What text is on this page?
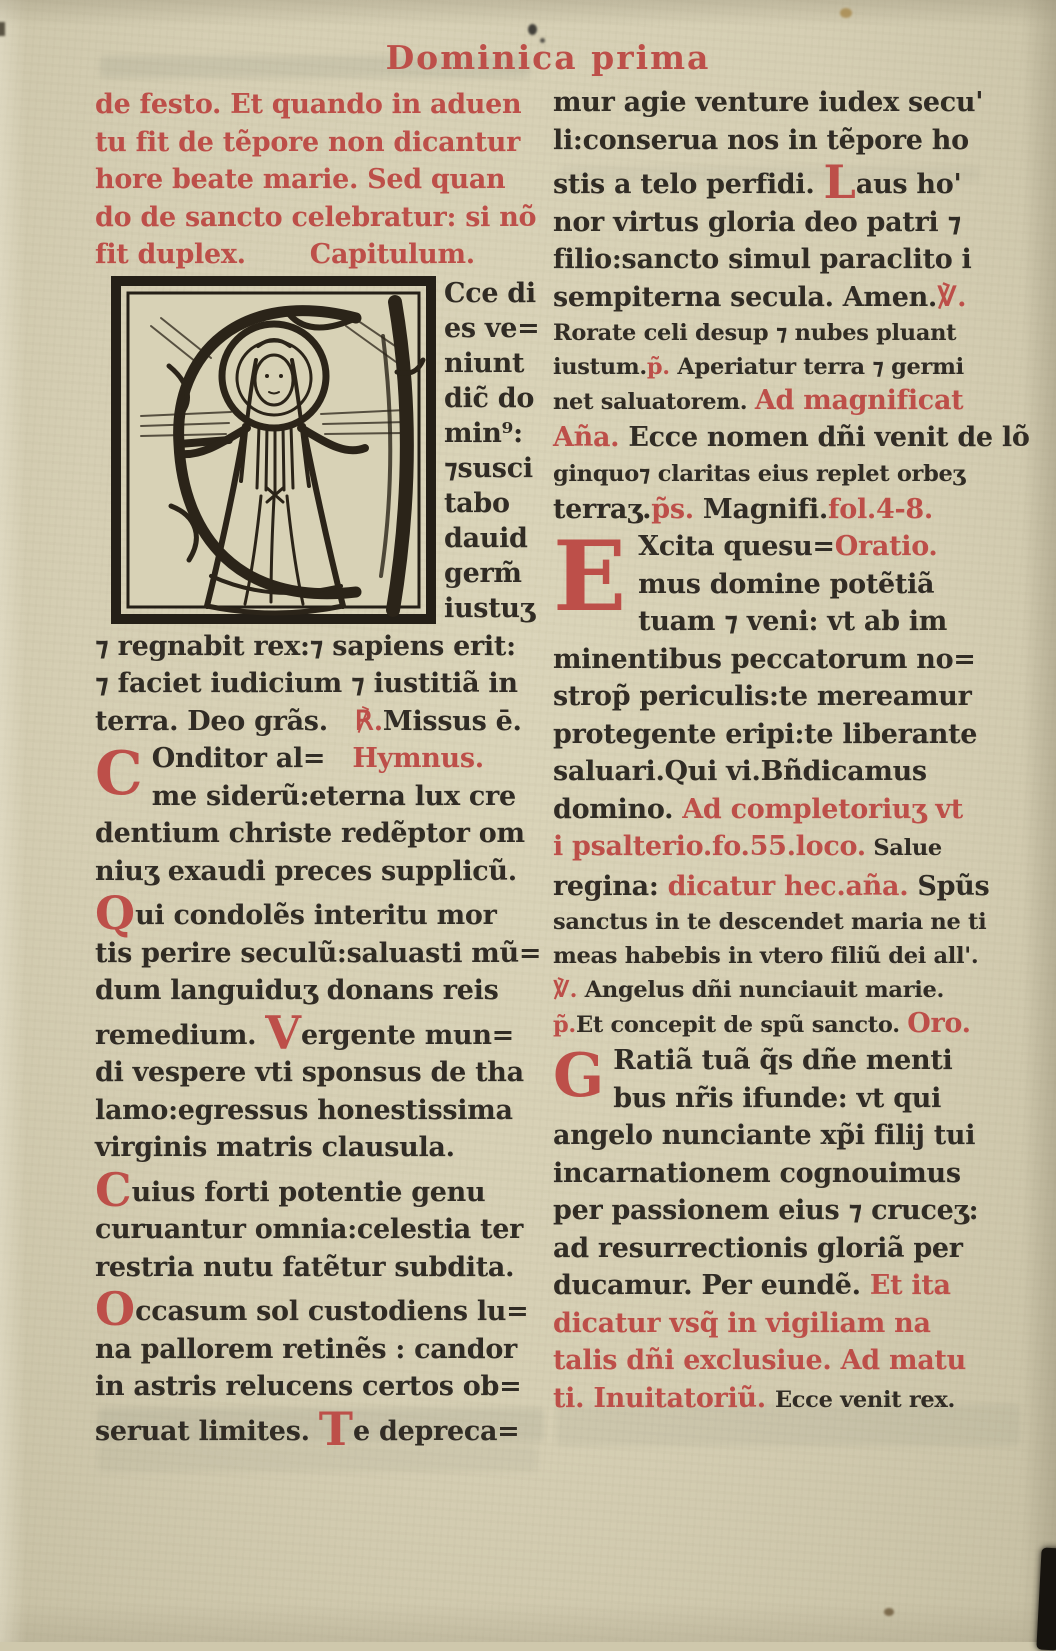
Dominica prima
de festo. Et quando in aduen
tu fit de tẽpore non dicantur
hore beate marie. Sed quan
do de sancto celebratur: si nõ
fit duplex. Capitulum.
Cce di
es ve=
niunt
dic̃ do
min⁹:
⁊susci
tabo
dauid
germ̃
iustuʒ
⁊ regnabit rex:⁊ sapiens erit:
⁊ faciet iudicium ⁊ iustitiã in
terra. Deo grãs. ℟.Missus ē.
C Onditor al= Hymnus.
me siderũ:eterna lux cre
dentium christe redẽptor om
niuʒ exaudi preces supplicũ.
Qui condolẽs interitu mor
tis perire seculũ:saluasti mũ=
dum languiduʒ donans reis
remedium. Vergente mun=
di vespere vti sponsus de tha
lamo:egressus honestissima
virginis matris clausula.
Cuius forti potentie genu
curuantur omnia:celestia ter
restria nutu fatẽtur subdita.
Occasum sol custodiens lu=
na pallorem retinẽs : candor
in astris relucens certos ob=
seruat limites. Te depreca=
mur agie venture iudex secu'
li:conserua nos in tẽpore ho
stis a telo perfidi. Laus ho'
nor virtus gloria deo patri ⁊
filio:sancto simul paraclito i
sempiterna secula. Amen.℣.
Rorate celi desup ⁊ nubes pluant
iustum.p̃. Aperiatur terra ⁊ germi
net saluatorem. Ad magnificat
Aña. Ecce nomen dñi venit de lõ
ginquo⁊ claritas eius replet orbeʒ
terraʒ.p̃s. Magnifi.fol.4-8.
E Xcita quesu=Oratio.
mus domine potẽtiã
tuam ⁊ veni: vt ab im
minentibus peccatorum no=
strop̃ periculis:te mereamur
protegente eripi:te liberante
saluari.Qui vi.Bñdicamus
domino. Ad completoriuʒ vt
i psalterio.fo.55.loco. Salue
regina: dicatur hec.aña. Spũs
sanctus in te descendet maria ne ti
meas habebis in vtero filiũ dei all'.
℣. Angelus dñi nunciauit marie.
p̃.Et concepit de spũ sancto. Oro.
G Ratiã tuã q̃s dñe menti
bus nr̃is ifunde: vt qui
angelo nunciante xp̃i filij tui
incarnationem cognouimus
per passionem eius ⁊ cruceʒ:
ad resurrectionis gloriã per
ducamur. Per eundẽ. Et ita
dicatur vsq̃ in vigiliam na
talis dñi exclusiue. Ad matu
ti. Inuitatoriũ. Ecce venit rex.
